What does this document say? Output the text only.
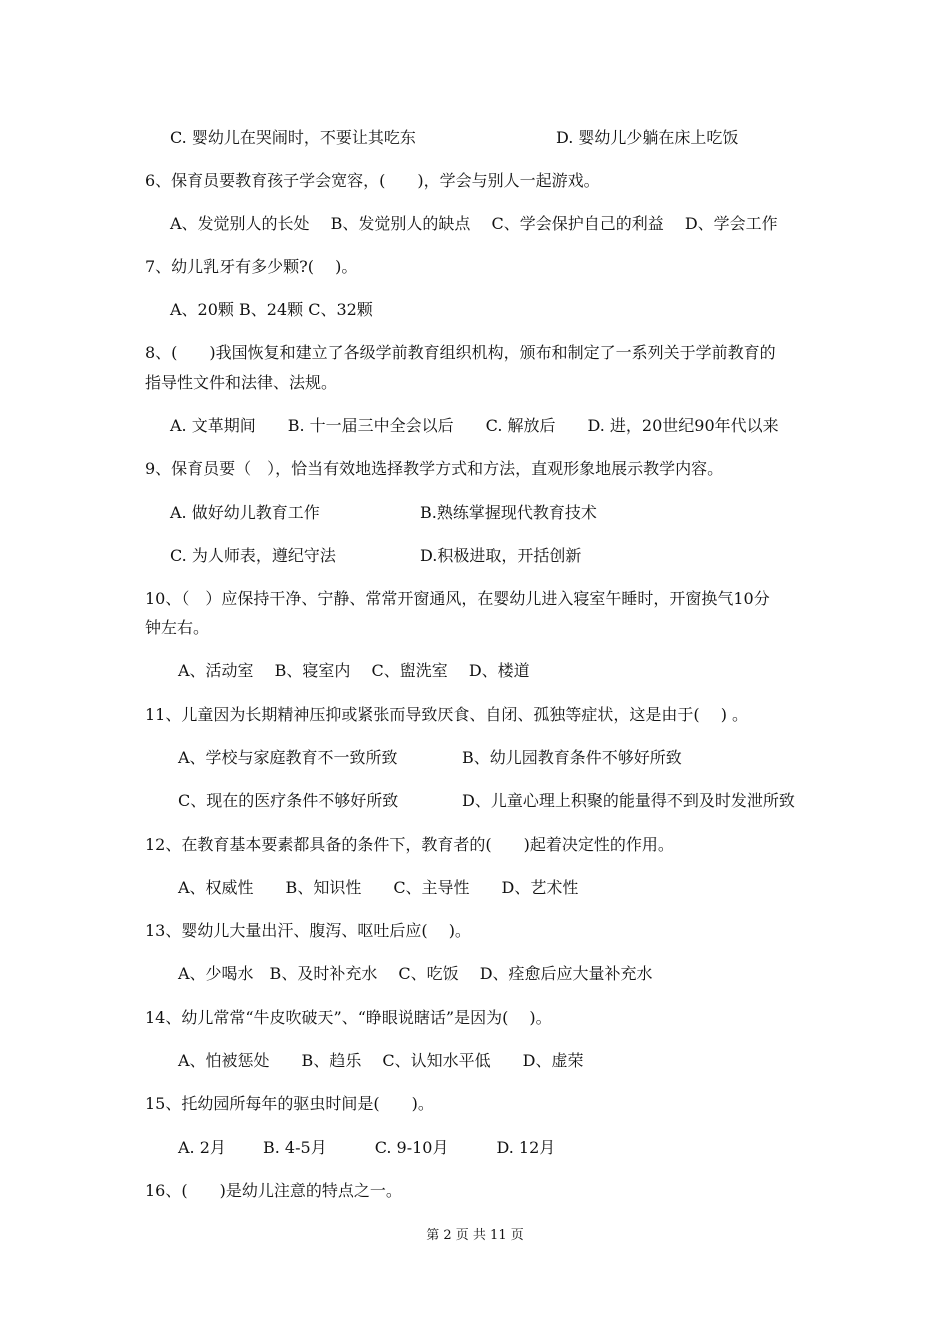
C. 婴幼儿在哭闹时，不要让其吃东	D. 婴幼儿少躺在床上吃饭
6、保育员要教育孩子学会宽容，(　　)，学会与别人一起游戏。
A、发觉别人的长处　 B、发觉别人的缺点　 C、学会保护自己的利益　 D、学会工作
7、幼儿乳牙有多少颗?(　 )。
A、20颗 B、24颗 C、32颗
8、(　　)我国恢复和建立了各级学前教育组织机构，颁布和制定了一系列关于学前教育的
指导性文件和法律、法规。
A. 文革期间　　B. 十一届三中全会以后　　C. 解放后　　D. 进，20世纪90年代以来
9、保育员要（　），恰当有效地选择教学方式和方法，直观形象地展示教学内容。
A. 做好幼儿教育工作	B.熟练掌握现代教育技术
C. 为人师表，遵纪守法	D.积极进取，开括创新
10、（　）应保持干净、宁静、常常开窗通风，在婴幼儿进入寝室午睡时，开窗换气10分
钟左右。
A、活动室　 B、寝室内　 C、盥洗室　 D、楼道
11、儿童因为长期精神压抑或紧张而导致厌食、自闭、孤独等症状，这是由于(　 ) 。
A、学校与家庭教育不一致所致	B、幼儿园教育条件不够好所致
C、现在的医疗条件不够好所致	D、儿童心理上积聚的能量得不到及时发泄所致
12、在教育基本要素都具备的条件下，教育者的(　　)起着决定性的作用。
A、权威性　　B、知识性　　C、主导性　　D、艺术性
13、婴幼儿大量出汗、腹泻、呕吐后应(　 )。
A、少喝水　B、及时补充水　 C、吃饭　 D、痊愈后应大量补充水
14、幼儿常常“牛皮吹破天”、“睁眼说瞎话”是因为(　 )。
A、怕被惩处　　B、趋乐　 C、认知水平低　　D、虚荣
15、托幼园所每年的驱虫时间是(　　)。
A. 2月　　 B. 4-5月　　　C. 9-10月　　　D. 12月
16、(　　)是幼儿注意的特点之一。
第 2 页 共 11 页
